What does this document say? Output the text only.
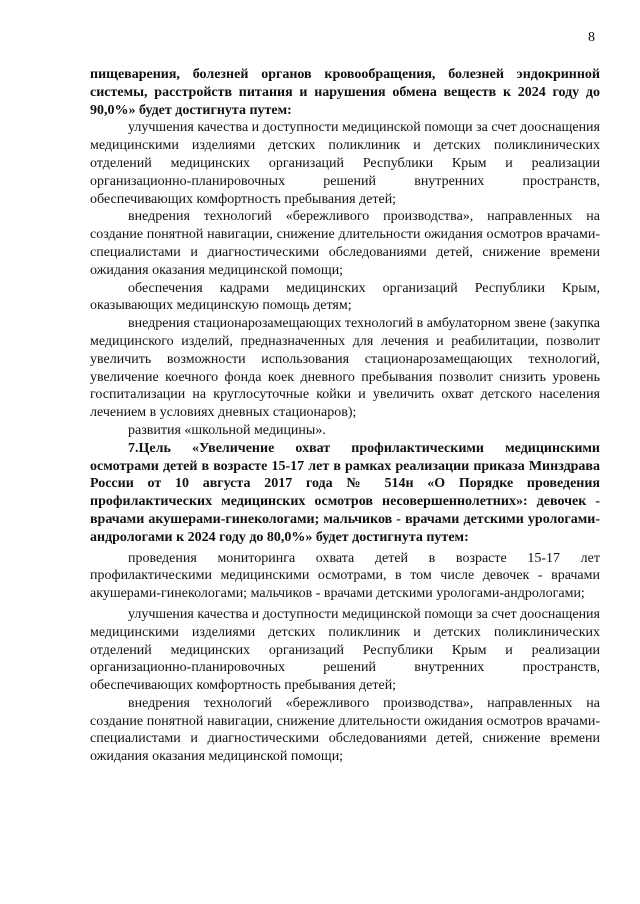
8

пищеварения, болезней органов кровообращения, болезней эндокринной системы, расстройств питания и нарушения обмена веществ к 2024 году до 90,0%» будет достигнута путем:

улучшения качества и доступности медицинской помощи за счет дооснащения медицинскими изделиями детских поликлиник и детских поликлинических отделений медицинских организаций Республики Крым и реализации организационно-планировочных решений внутренних пространств, обеспечивающих комфортность пребывания детей;

внедрения технологий «бережливого производства», направленных на создание понятной навигации, снижение длительности ожидания осмотров врачами-специалистами и диагностическими обследованиями детей, снижение времени ожидания оказания медицинской помощи;

обеспечения кадрами медицинских организаций Республики Крым, оказывающих медицинскую помощь детям;

внедрения стационарозамещающих технологий в амбулаторном звене (закупка медицинского изделий, предназначенных для лечения и реабилитации, позволит увеличить возможности использования стационарозамещающих технологий, увеличение коечного фонда коек дневного пребывания позволит снизить уровень госпитализации на круглосуточные койки и увеличить охват детского населения лечением в условиях дневных стационаров);

развития «школьной медицины».

7.Цель «Увеличение охват профилактическими медицинскими осмотрами детей в возрасте 15-17 лет в рамках реализации приказа Минздрава России от 10 августа 2017 года № 514н «О Порядке проведения профилактических медицинских осмотров несовершеннолетних»: девочек - врачами акушерами-гинекологами; мальчиков - врачами детскими урологами-андрологами к 2024 году до 80,0%» будет достигнута путем:

проведения мониторинга охвата детей в возрасте 15-17 лет профилактическими медицинскими осмотрами, в том числе девочек - врачами акушерами-гинекологами; мальчиков - врачами детскими урологами-андрологами;

улучшения качества и доступности медицинской помощи за счет дооснащения медицинскими изделиями детских поликлиник и детских поликлинических отделений медицинских организаций Республики Крым и реализации организационно-планировочных решений внутренних пространств, обеспечивающих комфортность пребывания детей;

внедрения технологий «бережливого производства», направленных на создание понятной навигации, снижение длительности ожидания осмотров врачами-специалистами и диагностическими обследованиями детей, снижение времени ожидания оказания медицинской помощи;
